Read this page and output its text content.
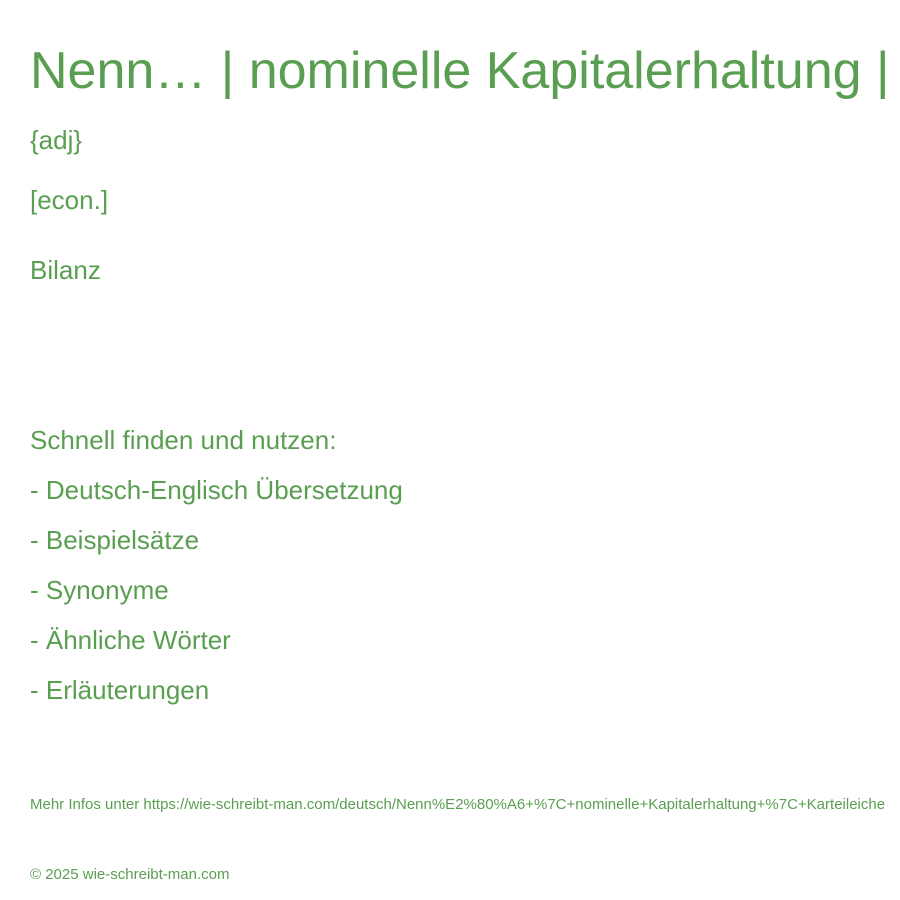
Nenn… | nominelle Kapitalerhaltung |

{adj}

[econ.]

Bilanz

Schnell finden und nutzen:

- Deutsch-Englisch Übersetzung
- Beispielsätze
- Synonyme
- Ähnliche Wörter
- Erläuterungen

Mehr Infos unter https://wie-schreibt-man.com/deutsch/Nenn%E2%80%A6+%7C+nominelle+Kapitalerhaltung+%7C+Karteileiche

© 2025 wie-schreibt-man.com
